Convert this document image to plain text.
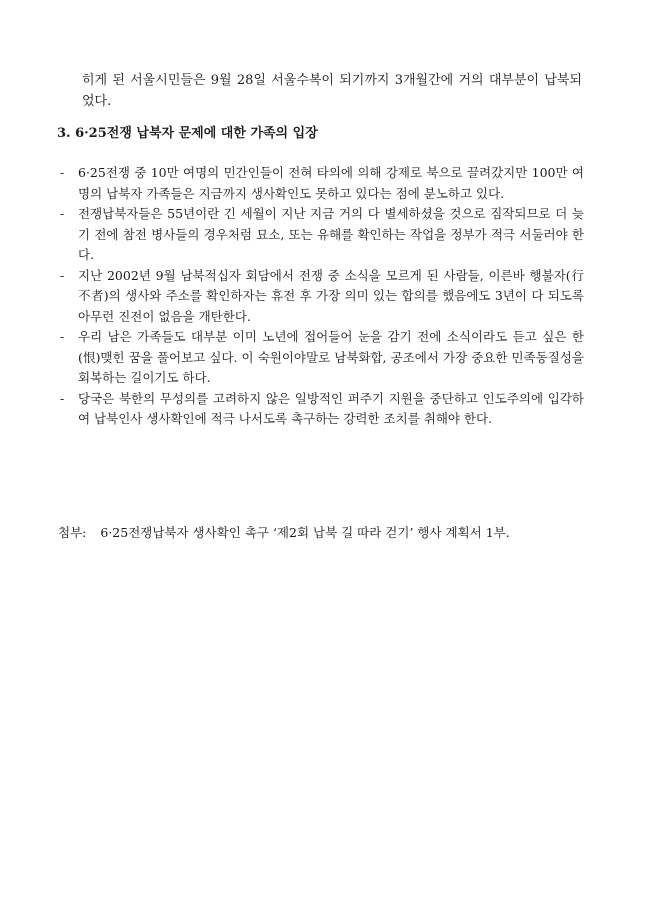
히게 된 서울시민들은 9월 28일 서울수복이 되기까지 3개월간에 거의 대부분이 납북되었다.

3. 6·25전쟁 납북자 문제에 대한 가족의 입장
- 6·25전쟁 중 10만 여명의 민간인들이 전혀 타의에 의해 강제로 북으로 끌려갔지만 100만 여명의 납북자 가족들은 지금까지 생사확인도 못하고 있다는 점에 분노하고 있다.
- 전쟁납북자들은 55년이란 긴 세월이 지난 지금 거의 다 별세하셨을 것으로 짐작되므로 더 늦기 전에 참전 병사들의 경우처럼 묘소, 또는 유해를 확인하는 작업을 정부가 적극 서둘러야 한다.
- 지난 2002년 9월 남북적십자 회담에서 전쟁 중 소식을 모르게 된 사람들, 이른바 행불자(行不者)의 생사와 주소를 확인하자는 휴전 후 가장 의미 있는 합의를 했음에도 3년이 다 되도록 아무런 진전이 없음을 개탄한다.
- 우리 남은 가족들도 대부분 이미 노년에 접어들어 눈을 감기 전에 소식이라도 듣고 싶은 한(恨)맺힌 꿈을 풀어보고 싶다. 이 숙원이야말로 남북화합, 공조에서 가장 중요한 민족동질성을 회복하는 길이기도 하다.
- 당국은 북한의 무성의를 고려하지 않은 일방적인 퍼주기 지원을 중단하고 인도주의에 입각하여 납북인사 생사확인에 적극 나서도록 촉구하는 강력한 조치를 취해야 한다.
첨부: 6·25전쟁납북자 생사확인 촉구 ‘제2회 납북 길 따라 걷기’ 행사 계획서 1부.
